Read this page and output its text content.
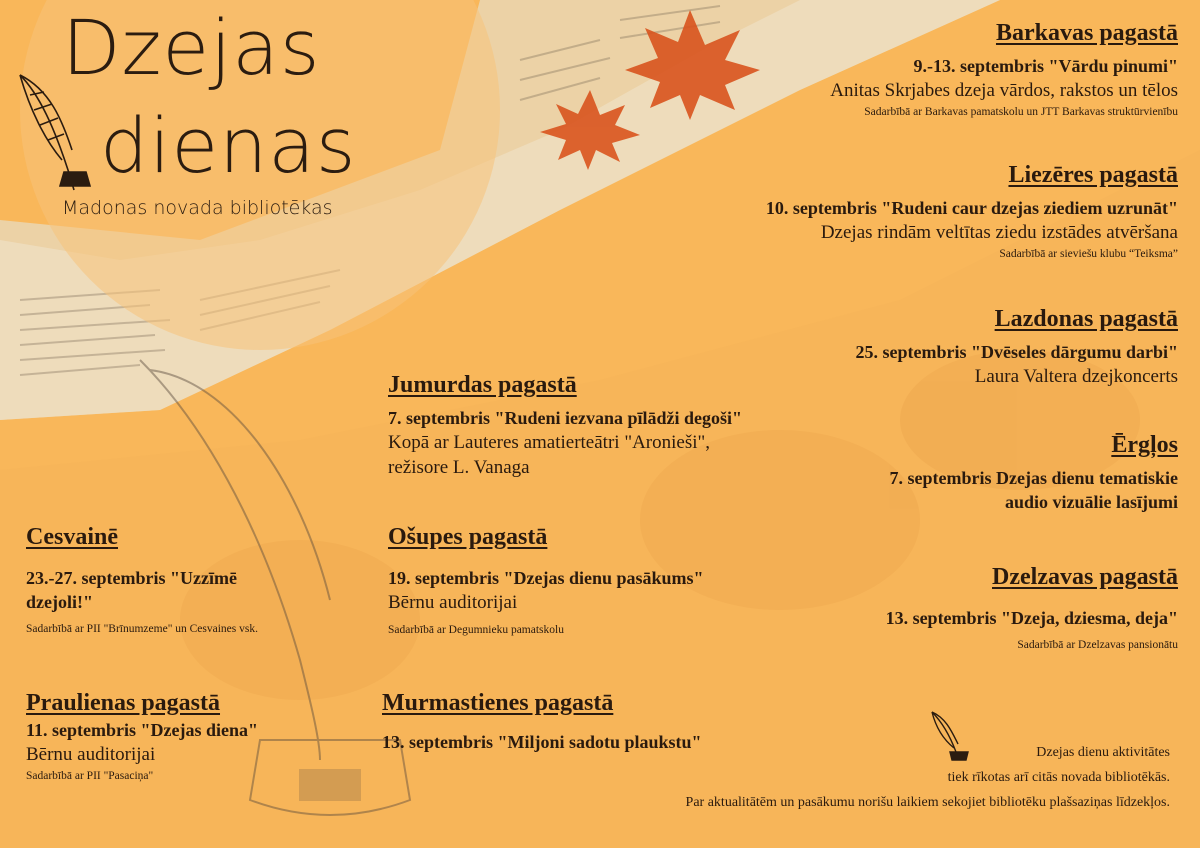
Dzejas
dienas
Madonas novada bibliotēkas
Barkavas pagastā
9.-13. septembris "Vārdu pinumi"
Anitas Skrjabes dzeja vārdos, rakstos un tēlos
Sadarbībā ar Barkavas pamatskolu un JTT Barkavas struktūrvienību
Liezēres pagastā
10. septembris "Rudeni caur dzejas ziediem uzrunāt"
Dzejas rindām veltītas ziedu izstādes atvēršana
Sadarbībā ar sieviešu klubu “Teiksma”
Lazdonas pagastā
25. septembris "Dvēseles dārgumu darbi"
Laura Valtera dzejkoncerts
Jumurdas pagastā
7. septembris "Rudeni iezvana pīlādži degoši"
Kopā ar Lauteres amatierteātri "Aronieši",
režisore L. Vanaga
Ērgļos
7. septembris Dzejas dienu tematiskie
audio vizuālie lasījumi
Cesvainē
23.-27. septembris "Uzzīmē
dzejoli!"
Sadarbībā ar PII "Brīnumzeme" un Cesvaines vsk.
Ošupes pagastā
19. septembris "Dzejas dienu pasākums"
Bērnu auditorijai
Sadarbībā ar Degumnieku pamatskolu
Dzelzavas pagastā
13. septembris "Dzeja, dziesma, deja"
Sadarbībā ar Dzelzavas pansionātu
Praulienas pagastā
11. septembris "Dzejas diena"
Bērnu auditorijai
Sadarbībā ar PII "Pasaciņa"
Murmastienes pagastā
13. septembris "Miljoni sadotu plaukstu"
Dzejas dienu aktivitātes
tiek rīkotas arī citās novada bibliotēkās.
Par aktualitātēm un pasākumu norišu laikiem sekojiet bibliotēku plašsaziņas līdzekļos.
